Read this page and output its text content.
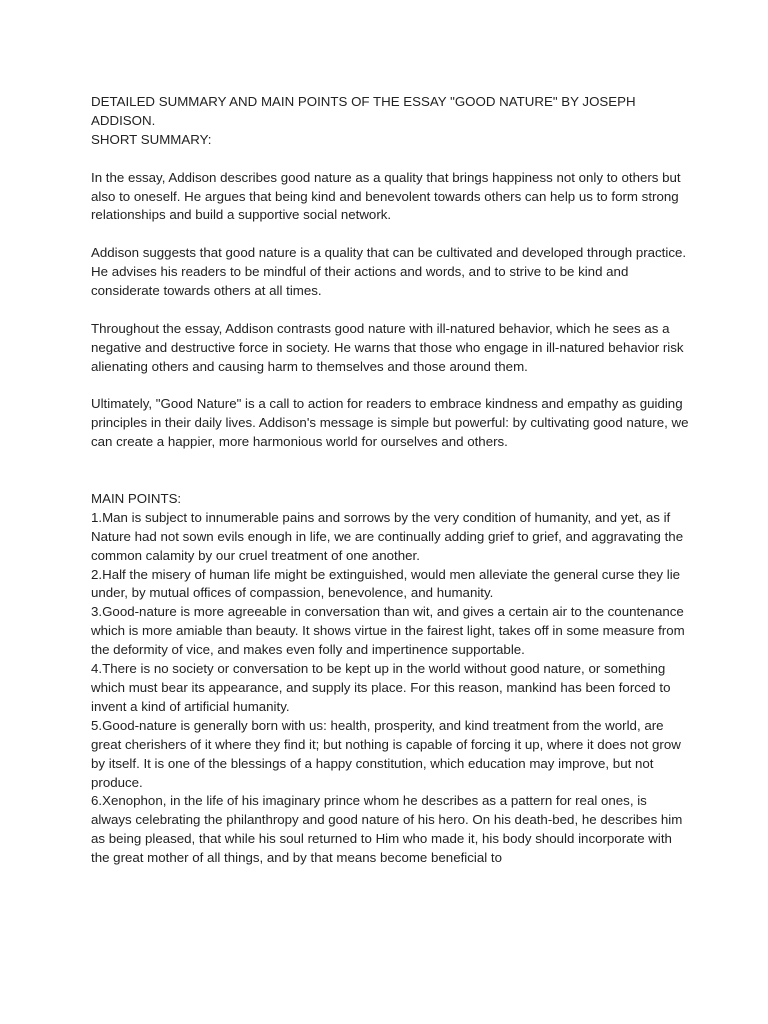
DETAILED SUMMARY AND MAIN POINTS OF THE ESSAY "GOOD NATURE" BY JOSEPH ADDISON.

SHORT SUMMARY:

In the essay, Addison describes good nature as a quality that brings happiness not only to others but also to oneself. He argues that being kind and benevolent towards others can help us to form strong relationships and build a supportive social network.

Addison suggests that good nature is a quality that can be cultivated and developed through practice. He advises his readers to be mindful of their actions and words, and to strive to be kind and considerate towards others at all times.

Throughout the essay, Addison contrasts good nature with ill-natured behavior, which he sees as a negative and destructive force in society. He warns that those who engage in ill-natured behavior risk alienating others and causing harm to themselves and those around them.

Ultimately, "Good Nature" is a call to action for readers to embrace kindness and empathy as guiding principles in their daily lives. Addison's message is simple but powerful: by cultivating good nature, we can create a happier, more harmonious world for ourselves and others.

MAIN POINTS:

1.Man is subject to innumerable pains and sorrows by the very condition of humanity, and yet, as if Nature had not sown evils enough in life, we are continually adding grief to grief, and aggravating the common calamity by our cruel treatment of one another.

2.Half the misery of human life might be extinguished, would men alleviate the general curse they lie under, by mutual offices of compassion, benevolence, and humanity.

3.Good-nature is more agreeable in conversation than wit, and gives a certain air to the countenance which is more amiable than beauty. It shows virtue in the fairest light, takes off in some measure from the deformity of vice, and makes even folly and impertinence supportable.

4.There is no society or conversation to be kept up in the world without good nature, or something which must bear its appearance, and supply its place. For this reason, mankind has been forced to invent a kind of artificial humanity.

5.Good-nature is generally born with us: health, prosperity, and kind treatment from the world, are great cherishers of it where they find it; but nothing is capable of forcing it up, where it does not grow by itself. It is one of the blessings of a happy constitution, which education may improve, but not produce.

6.Xenophon, in the life of his imaginary prince whom he describes as a pattern for real ones, is always celebrating the philanthropy and good nature of his hero. On his death-bed, he describes him as being pleased, that while his soul returned to Him who made it, his body should incorporate with the great mother of all things, and by that means become beneficial to
